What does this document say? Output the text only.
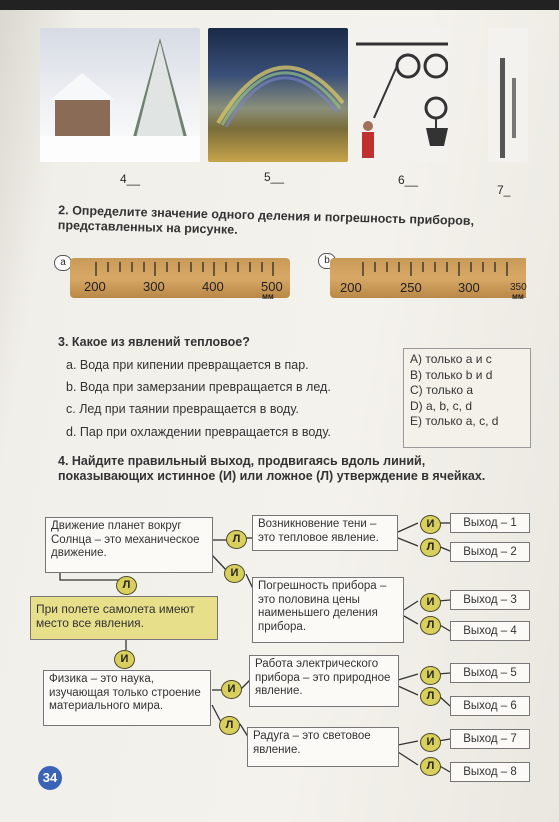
4__	5__	6__
7_
2. Определите значение одного деления и погрешность приборов, представленных на рисунке.
a
200	300	400	500
мм
b
200	250	300	350
мм
3. Какое из явлений тепловое?
a. Вода при кипении превращается в пар.
b. Вода при замерзании превращается в лед.
c. Лед при таянии превращается в воду.
d. Пар при охлаждении превращается в воду.
A) только a и c
B) только b и d
C) только a
D) a, b, c, d
E) только a, c, d
4. Найдите правильный выход, продвигаясь вдоль линий, показывающих истинное (И) или ложное (Л) утверждение в ячейках.
Движение планет вокруг Солнца – это механическое движение.
При полете самолета имеют место все явления.
Физика – это наука, изучающая только строение материального мира.
Возникновение тени – это тепловое явление.
Погрешность прибора – это половина цены наименьшего деления прибора.
Работа электрического прибора – это природное явление.
Радуга – это световое явление.
Л
Л
И
И
И
Л
И
Л
И
Л
И
Л
И
Л
Выход – 1
Выход – 2
Выход – 3
Выход – 4
Выход – 5
Выход – 6
Выход – 7
Выход – 8
34
